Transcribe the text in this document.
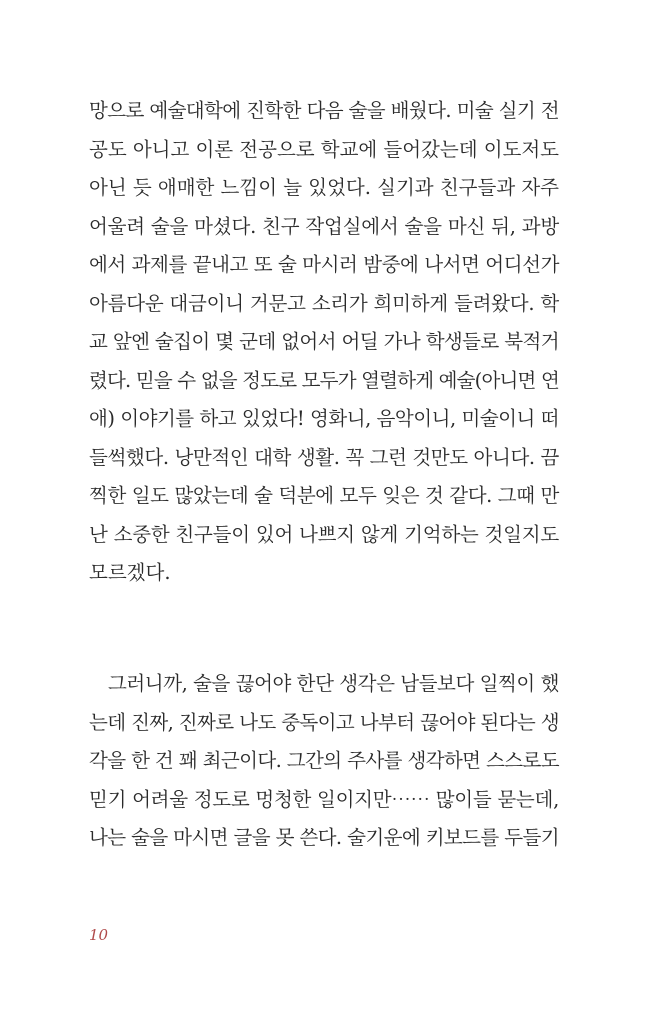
망으로 예술대학에 진학한 다음 술을 배웠다. 미술 실기 전
공도 아니고 이론 전공으로 학교에 들어갔는데 이도저도
아닌 듯 애매한 느낌이 늘 있었다. 실기과 친구들과 자주
어울려 술을 마셨다. 친구 작업실에서 술을 마신 뒤, 과방
에서 과제를 끝내고 또 술 마시러 밤중에 나서면 어디선가
아름다운 대금이니 거문고 소리가 희미하게 들려왔다. 학
교 앞엔 술집이 몇 군데 없어서 어딜 가나 학생들로 북적거
렸다. 믿을 수 없을 정도로 모두가 열렬하게 예술(아니면 연
애) 이야기를 하고 있었다! 영화니, 음악이니, 미술이니 떠
들썩했다. 낭만적인 대학 생활. 꼭 그런 것만도 아니다. 끔
찍한 일도 많았는데 술 덕분에 모두 잊은 것 같다. 그때 만
난 소중한 친구들이 있어 나쁘지 않게 기억하는 것일지도
모르겠다.
그러니까, 술을 끊어야 한단 생각은 남들보다 일찍이 했
는데 진짜, 진짜로 나도 중독이고 나부터 끊어야 된다는 생
각을 한 건 꽤 최근이다. 그간의 주사를 생각하면 스스로도
믿기 어려울 정도로 멍청한 일이지만⋯⋯ 많이들 묻는데,
나는 술을 마시면 글을 못 쓴다. 술기운에 키보드를 두들기
10
